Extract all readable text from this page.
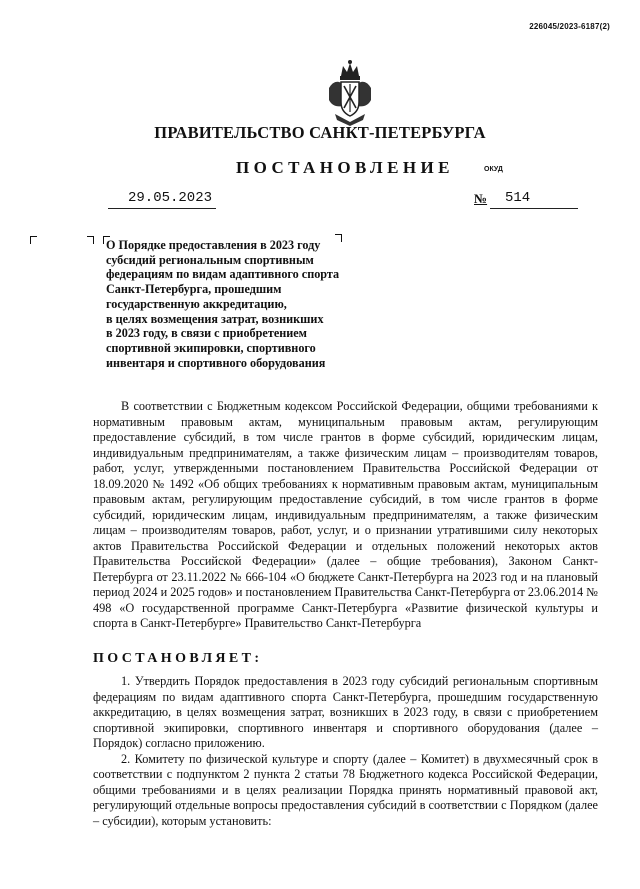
226045/2023-6187(2)
ПРАВИТЕЛЬСТВО САНКТ-ПЕТЕРБУРГА
ПОСТАНОВЛЕНИЕ	ОКУД
29.05.2023	№ 514
О Порядке предоставления в 2023 году
субсидий региональным спортивным
федерациям по видам адаптивного спорта
Санкт-Петербурга, прошедшим
государственную аккредитацию,
в целях возмещения затрат, возникших
в 2023 году, в связи с приобретением
спортивной экипировки, спортивного
инвентаря и спортивного оборудования

В соответствии с Бюджетным кодексом Российской Федерации, общими требованиями к нормативным правовым актам, муниципальным правовым актам, регулирующим предоставление субсидий, в том числе грантов в форме субсидий, юридическим лицам, индивидуальным предпринимателям, а также физическим лицам – производителям товаров, работ, услуг, утвержденными постановлением Правительства Российской Федерации от 18.09.2020 № 1492 «Об общих требованиях к нормативным правовым актам, муниципальным правовым актам, регулирующим предоставление субсидий, в том числе грантов в форме субсидий, юридическим лицам, индивидуальным предпринимателям, а также физическим лицам – производителям товаров, работ, услуг, и о признании утратившими силу некоторых актов Правительства Российской Федерации и отдельных положений некоторых актов Правительства Российской Федерации» (далее – общие требования), Законом Санкт-Петербурга от 23.11.2022 № 666-104 «О бюджете Санкт-Петербурга на 2023 год и на плановый период 2024 и 2025 годов» и постановлением Правительства Санкт-Петербурга от 23.06.2014 № 498 «О государственной программе Санкт-Петербурга «Развитие физической культуры и спорта в Санкт-Петербурге» Правительство Санкт-Петербурга

ПОСТАНОВЛЯЕТ:

1. Утвердить Порядок предоставления в 2023 году субсидий региональным спортивным федерациям по видам адаптивного спорта Санкт-Петербурга, прошедшим государственную аккредитацию, в целях возмещения затрат, возникших в 2023 году, в связи с приобретением спортивной экипировки, спортивного инвентаря и спортивного оборудования (далее – Порядок) согласно приложению.

2. Комитету по физической культуре и спорту (далее – Комитет) в двухмесячный срок в соответствии с подпунктом 2 пункта 2 статьи 78 Бюджетного кодекса Российской Федерации, общими требованиями и в целях реализации Порядка принять нормативный правовой акт, регулирующий отдельные вопросы предоставления субсидий в соответствии с Порядком (далее – субсидии), которым установить:
